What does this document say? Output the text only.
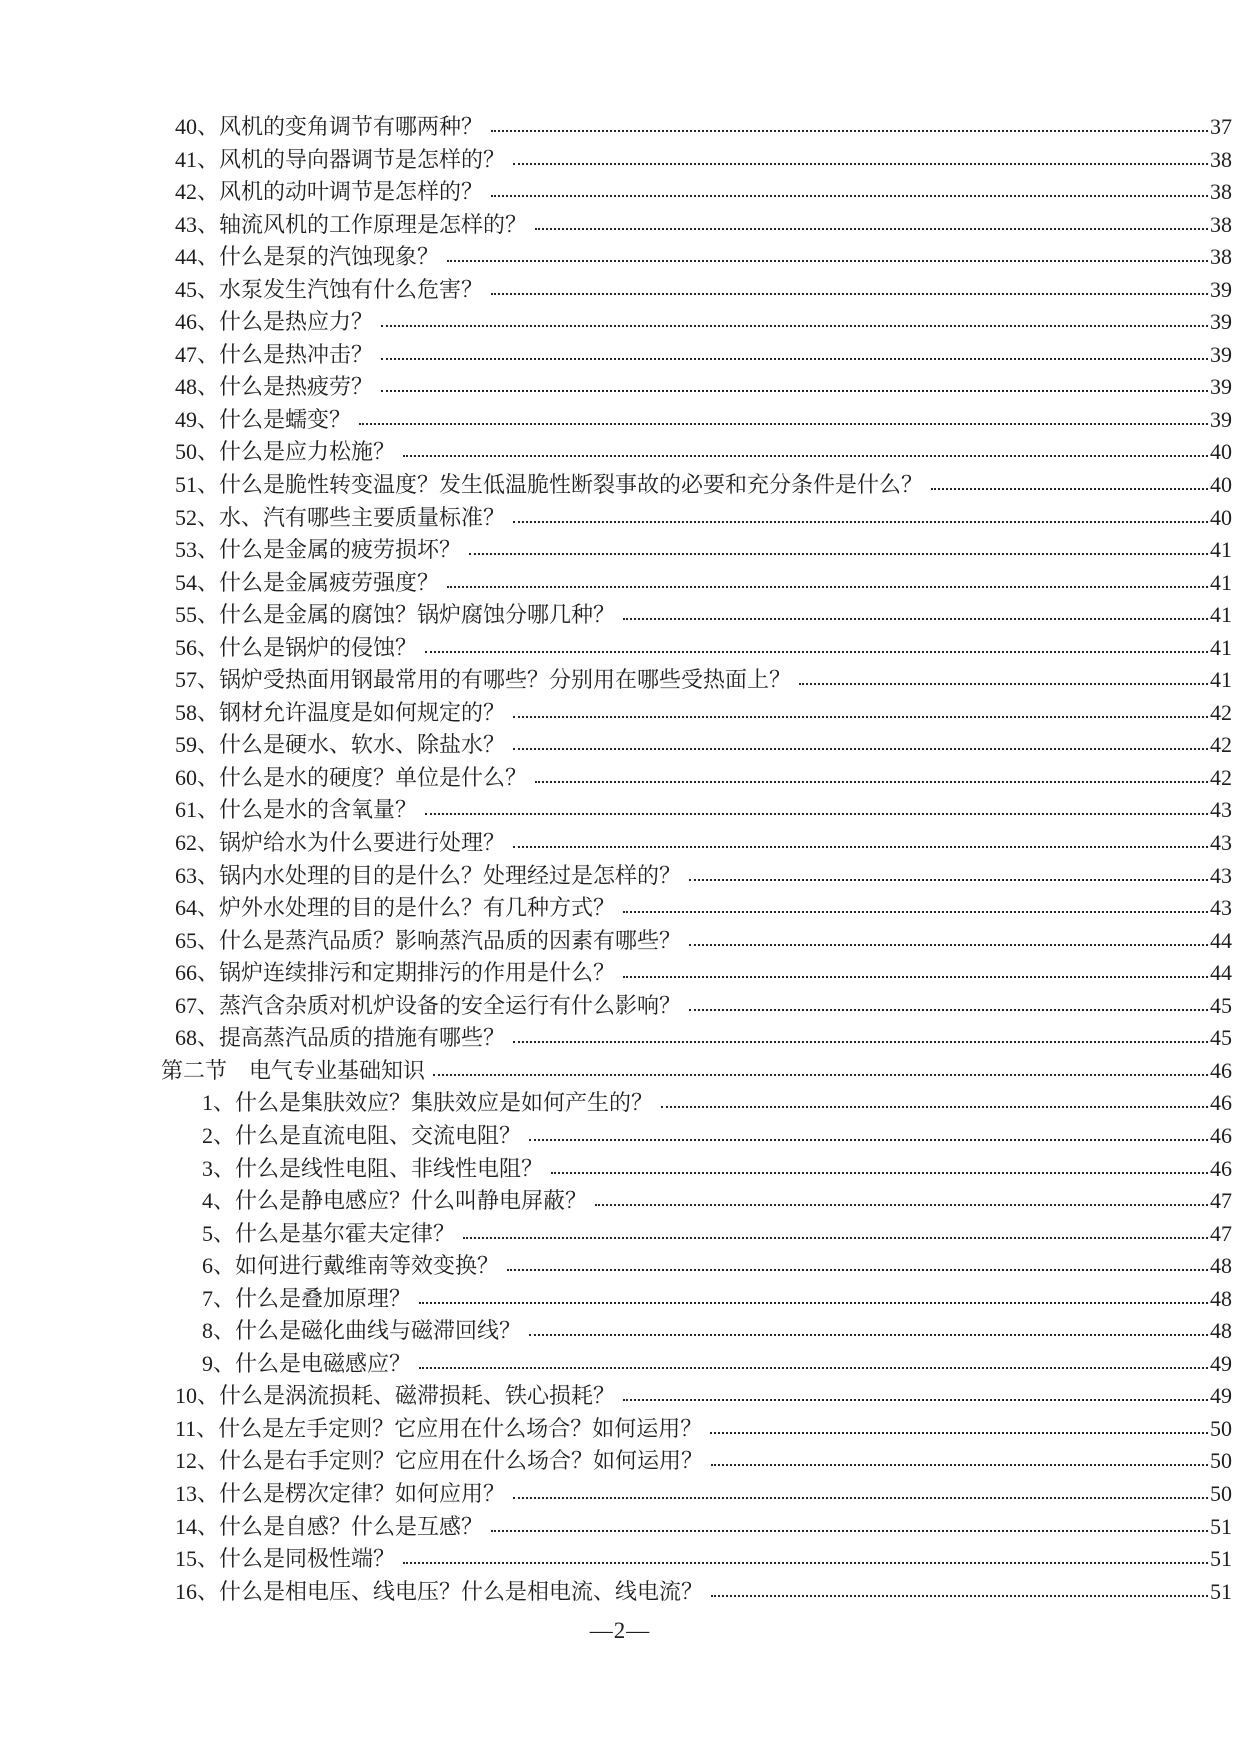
40、 风机的变角调节有哪两种？	37
41、 风机的导向器调节是怎样的？	38
42、 风机的动叶调节是怎样的？	38
43、 轴流风机的工作原理是怎样的？	38
44、 什么是泵的汽蚀现象？	38
45、 水泵发生汽蚀有什么危害？	39
46、 什么是热应力？	39
47、 什么是热冲击？	39
48、 什么是热疲劳？	39
49、 什么是蠕变？	39
50、 什么是应力松施？	40
51、 什么是脆性转变温度？发生低温脆性断裂事故的必要和充分条件是什么？	40
52、 水、汽有哪些主要质量标准？	40
53、 什么是金属的疲劳损坏？	41
54、 什么是金属疲劳强度？	41
55、 什么是金属的腐蚀？锅炉腐蚀分哪几种？	41
56、 什么是锅炉的侵蚀？	41
57、 锅炉受热面用钢最常用的有哪些？分别用在哪些受热面上？	41
58、 钢材允许温度是如何规定的？	42
59、 什么是硬水、软水、除盐水？	42
60、 什么是水的硬度？单位是什么？	42
61、 什么是水的含氧量？	43
62、 锅炉给水为什么要进行处理？	43
63、 锅内水处理的目的是什么？处理经过是怎样的？	43
64、 炉外水处理的目的是什么？有几种方式？	43
65、 什么是蒸汽品质？影响蒸汽品质的因素有哪些？	44
66、 锅炉连续排污和定期排污的作用是什么？	44
67、 蒸汽含杂质对机炉设备的安全运行有什么影响？	45
68、 提高蒸汽品质的措施有哪些？	45
第二节 电气专业基础知识	46
1、 什么是集肤效应？集肤效应是如何产生的？	46
2、 什么是直流电阻、交流电阻？	46
3、 什么是线性电阻、非线性电阻？	46
4、 什么是静电感应？什么叫静电屏蔽？	47
5、 什么是基尔霍夫定律？	47
6、 如何进行戴维南等效变换？	48
7、 什么是叠加原理？	48
8、 什么是磁化曲线与磁滞回线？	48
9、 什么是电磁感应？	49
10、 什么是涡流损耗、磁滞损耗、铁心损耗？	49
11、 什么是左手定则？它应用在什么场合？如何运用？	50
12、 什么是右手定则？它应用在什么场合？如何运用？	50
13、 什么是楞次定律？如何应用？	50
14、 什么是自感？什么是互感？	51
15、 什么是同极性端？	51
16、 什么是相电压、线电压？什么是相电流、线电流？	51
—2—
